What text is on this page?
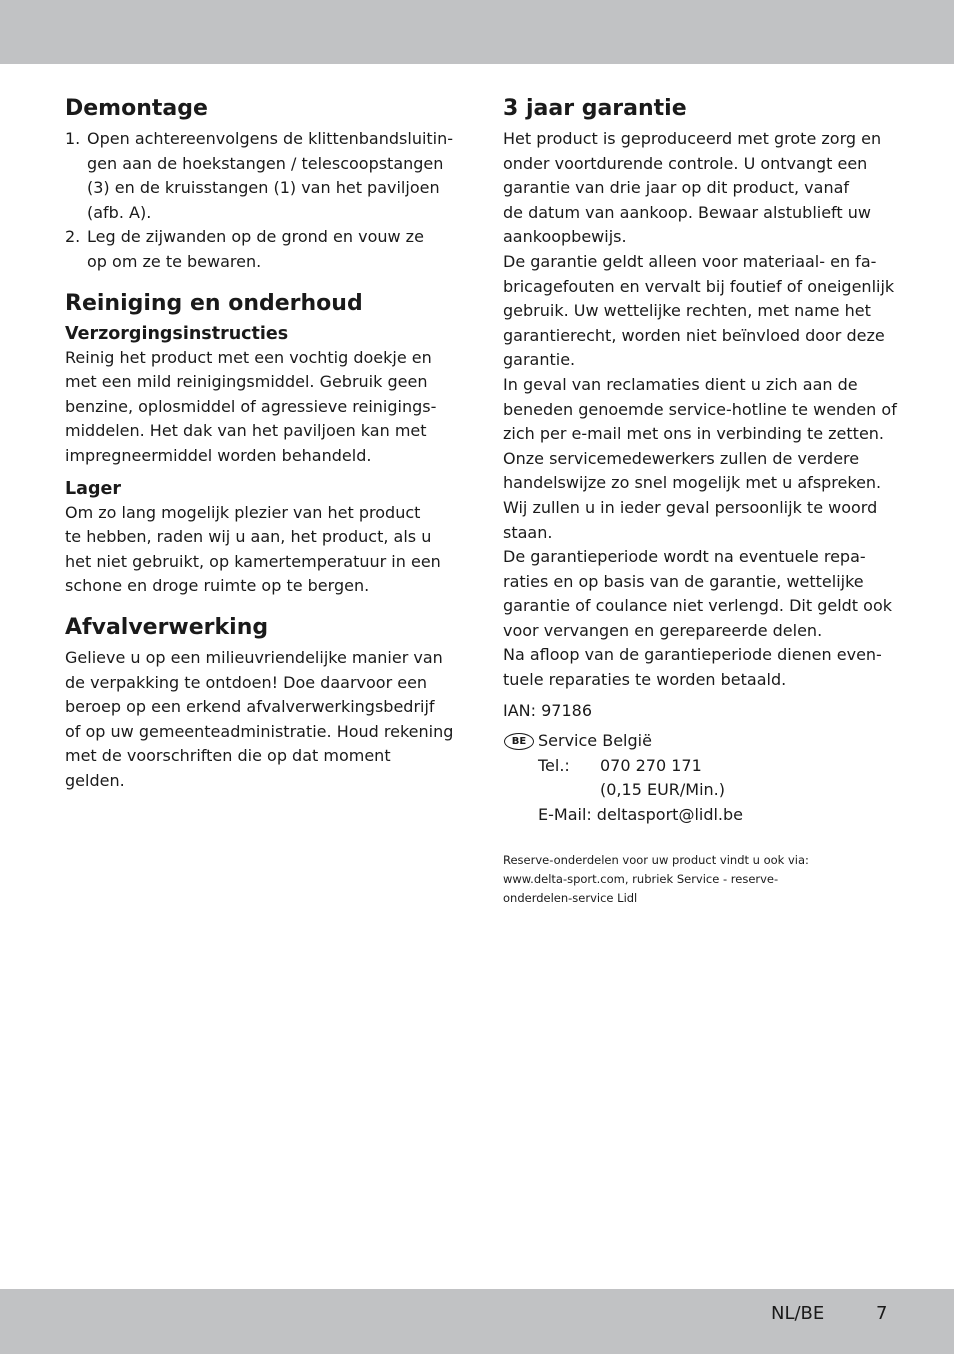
Demontage
1. Open achtereenvolgens de klittenbandsluitin-
gen aan de hoekstangen / telescoopstangen
(3) en de kruisstangen (1) van het paviljoen
(afb. A).
2. Leg de zijwanden op de grond en vouw ze
op om ze te bewaren.
Reiniging en onderhoud
Verzorgingsinstructies
Reinig het product met een vochtig doekje en
met een mild reinigingsmiddel. Gebruik geen
benzine, oplosmiddel of agressieve reinigings-
middelen. Het dak van het paviljoen kan met
impregneermiddel worden behandeld.
Lager
Om zo lang mogelijk plezier van het product
te hebben, raden wij u aan, het product, als u
het niet gebruikt, op kamertemperatuur in een
schone en droge ruimte op te bergen.
Afvalverwerking
Gelieve u op een milieuvriendelijke manier van
de verpakking te ontdoen! Doe daarvoor een
beroep op een erkend afvalverwerkingsbedrijf
of op uw gemeenteadministratie. Houd rekening
met de voorschriften die op dat moment gelden.
3 jaar garantie
Het product is geproduceerd met grote zorg en
onder voortdurende controle. U ontvangt een
garantie van drie jaar op dit product, vanaf
de datum van aankoop. Bewaar alstublieft uw
aankoopbewijs.
De garantie geldt alleen voor materiaal- en fa-
bricagefouten en vervalt bij foutief of oneigenlijk
gebruik. Uw wettelijke rechten, met name het
garantierecht, worden niet beïnvloed door deze
garantie.
In geval van reclamaties dient u zich aan de
beneden genoemde service-hotline te wenden of
zich per e-mail met ons in verbinding te zetten.
Onze servicemedewerkers zullen de verdere
handelswijze zo snel mogelijk met u afspreken.
Wij zullen u in ieder geval persoonlijk te woord
staan.
De garantieperiode wordt na eventuele repa-
raties en op basis van de garantie, wettelijke
garantie of coulance niet verlengd. Dit geldt ook
voor vervangen en gerepareerde delen.
Na afloop van de garantieperiode dienen even-
tuele reparaties te worden betaald.
IAN: 97186
BE Service België
Tel.:	070 270 171
(0,15 EUR/Min.)
E-Mail: deltasport@lidl.be
Reserve-onderdelen voor uw product vindt u ook via:
www.delta-sport.com, rubriek Service - reserve-
onderdelen-service Lidl
NL/BE	7
